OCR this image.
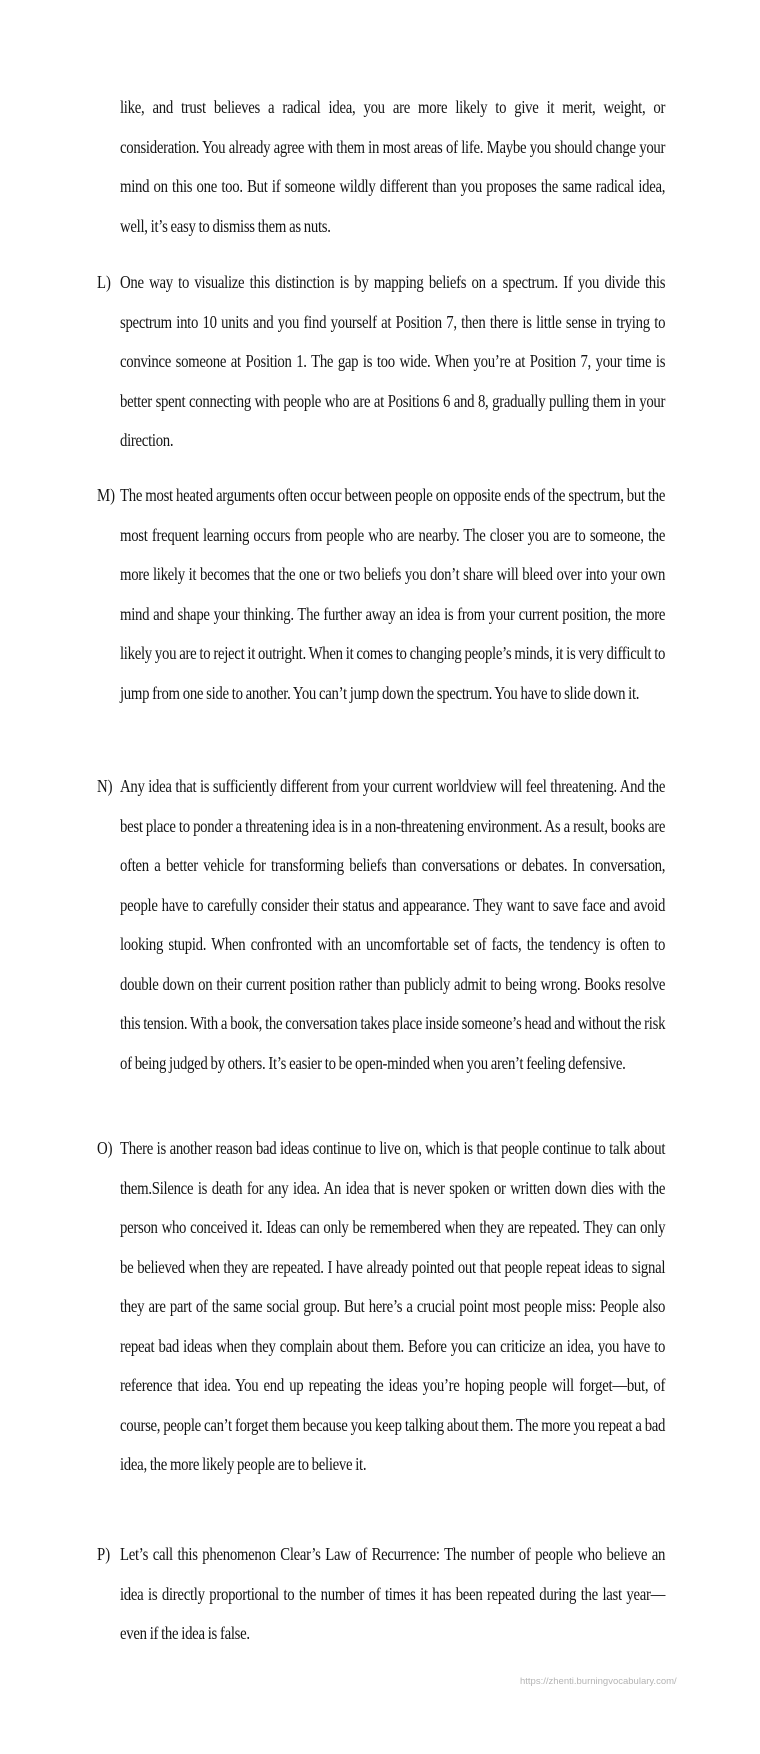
like, and trust believes a radical idea, you are more likely to give it merit, weight, or consideration. You already agree with them in most areas of life. Maybe you should change your mind on this one too. But if someone wildly different than you proposes the same radical idea, well, it’s easy to dismiss them as nuts.
L) One way to visualize this distinction is by mapping beliefs on a spectrum. If you divide this spectrum into 10 units and you find yourself at Position 7, then there is little sense in trying to convince someone at Position 1. The gap is too wide. When you’re at Position 7, your time is better spent connecting with people who are at Positions 6 and 8, gradually pulling them in your direction.
M) The most heated arguments often occur between people on opposite ends of the spectrum, but the most frequent learning occurs from people who are nearby. The closer you are to someone, the more likely it becomes that the one or two beliefs you don’t share will bleed over into your own mind and shape your thinking. The further away an idea is from your current position, the more likely you are to reject it outright. When it comes to changing people’s minds, it is very difficult to jump from one side to another. You can’t jump down the spectrum. You have to slide down it.
N) Any idea that is sufficiently different from your current worldview will feel threatening. And the best place to ponder a threatening idea is in a non-threatening environment. As a result, books are often a better vehicle for transforming beliefs than conversations or debates. In conversation, people have to carefully consider their status and appearance. They want to save face and avoid looking stupid. When confronted with an uncomfortable set of facts, the tendency is often to double down on their current position rather than publicly admit to being wrong. Books resolve this tension. With a book, the conversation takes place inside someone’s head and without the risk of being judged by others. It’s easier to be open-minded when you aren’t feeling defensive.
O) There is another reason bad ideas continue to live on, which is that people continue to talk about them.Silence is death for any idea. An idea that is never spoken or written down dies with the person who conceived it. Ideas can only be remembered when they are repeated. They can only be believed when they are repeated. I have already pointed out that people repeat ideas to signal they are part of the same social group. But here’s a crucial point most people miss: People also repeat bad ideas when they complain about them. Before you can criticize an idea, you have to reference that idea. You end up repeating the ideas you’re hoping people will forget—but, of course, people can’t forget them because you keep talking about them. The more you repeat a bad idea, the more likely people are to believe it.
P) Let’s call this phenomenon Clear’s Law of Recurrence: The number of people who believe an idea is directly proportional to the number of times it has been repeated during the last year—even if the idea is false.
https://zhenti.burningvocabulary.com/
